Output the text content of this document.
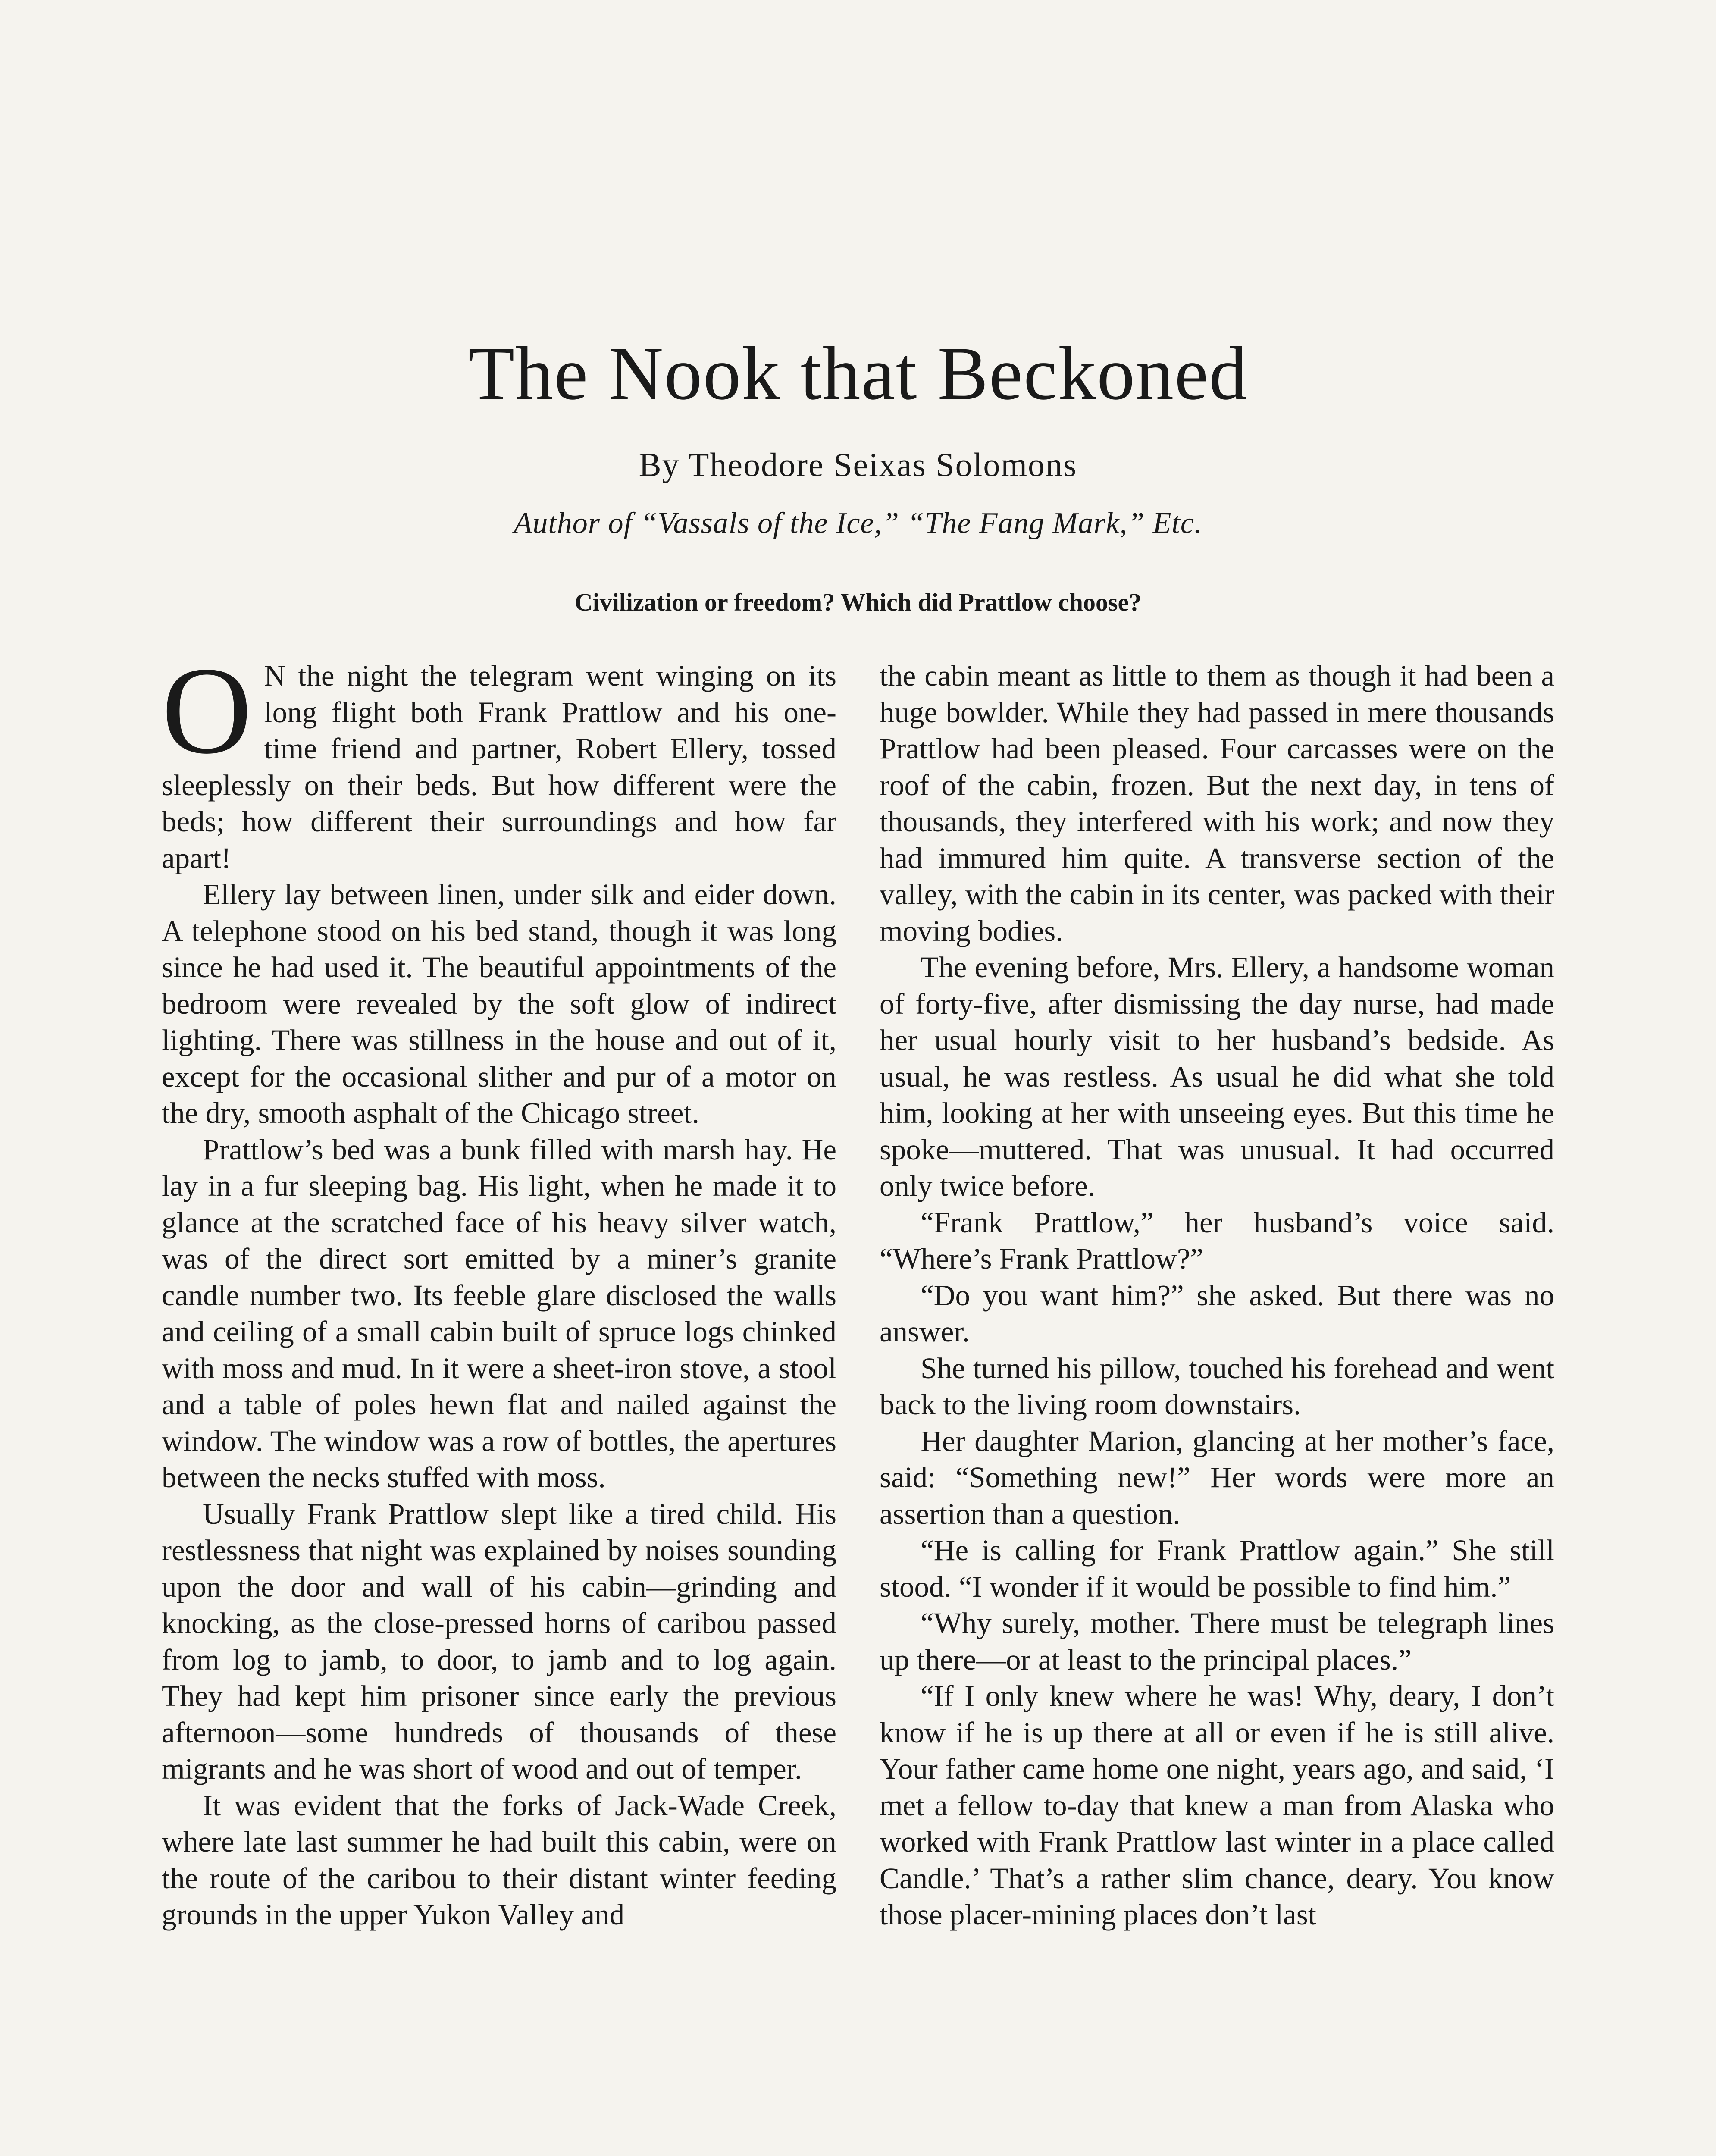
The Nook that Beckoned
By Theodore Seixas Solomons
Author of “Vassals of the Ice,” “The Fang Mark,” Etc.
Civilization or freedom? Which did Prattlow choose?

O N the night the telegram went winging on its long flight both Frank Prattlow and his one-time friend and partner, Robert Ellery, tossed sleeplessly on their beds. But how different were the beds; how different their surroundings and how far apart!

Ellery lay between linen, under silk and eider down. A telephone stood on his bed stand, though it was long since he had used it. The beautiful appointments of the bedroom were revealed by the soft glow of indirect lighting. There was stillness in the house and out of it, except for the occasional slither and pur of a motor on the dry, smooth asphalt of the Chicago street.

Prattlow’s bed was a bunk filled with marsh hay. He lay in a fur sleeping bag. His light, when he made it to glance at the scratched face of his heavy silver watch, was of the direct sort emitted by a miner’s granite candle number two. Its feeble glare disclosed the walls and ceiling of a small cabin built of spruce logs chinked with moss and mud. In it were a sheet-iron stove, a stool and a table of poles hewn flat and nailed against the window. The window was a row of bottles, the apertures between the necks stuffed with moss.

Usually Frank Prattlow slept like a tired child. His restlessness that night was explained by noises sounding upon the door and wall of his cabin—grinding and knocking, as the close-pressed horns of caribou passed from log to jamb, to door, to jamb and to log again. They had kept him prisoner since early the previous afternoon—some hundreds of thousands of these migrants and he was short of wood and out of temper.

It was evident that the forks of Jack-Wade Creek, where late last summer he had built this cabin, were on the route of the caribou to their distant winter feeding grounds in the upper Yukon Valley and

the cabin meant as little to them as though it had been a huge bowlder. While they had passed in mere thousands Prattlow had been pleased. Four carcasses were on the roof of the cabin, frozen. But the next day, in tens of thousands, they interfered with his work; and now they had immured him quite. A transverse section of the valley, with the cabin in its center, was packed with their moving bodies.

The evening before, Mrs. Ellery, a handsome woman of forty-five, after dismissing the day nurse, had made her usual hourly visit to her husband’s bedside. As usual, he was restless. As usual he did what she told him, looking at her with unseeing eyes. But this time he spoke—muttered. That was unusual. It had occurred only twice before.

“Frank Prattlow,” her husband’s voice said. “Where’s Frank Prattlow?”

“Do you want him?” she asked. But there was no answer.

She turned his pillow, touched his forehead and went back to the living room downstairs.

Her daughter Marion, glancing at her mother’s face, said: “Something new!” Her words were more an assertion than a question.

“He is calling for Frank Prattlow again.” She still stood. “I wonder if it would be possible to find him.”

“Why surely, mother. There must be telegraph lines up there—or at least to the principal places.”

“If I only knew where he was! Why, deary, I don’t know if he is up there at all or even if he is still alive. Your father came home one night, years ago, and said, ‘I met a fellow to-day that knew a man from Alaska who worked with Frank Prattlow last winter in a place called Candle.’ That’s a rather slim chance, deary. You know those placer-mining places don’t last
